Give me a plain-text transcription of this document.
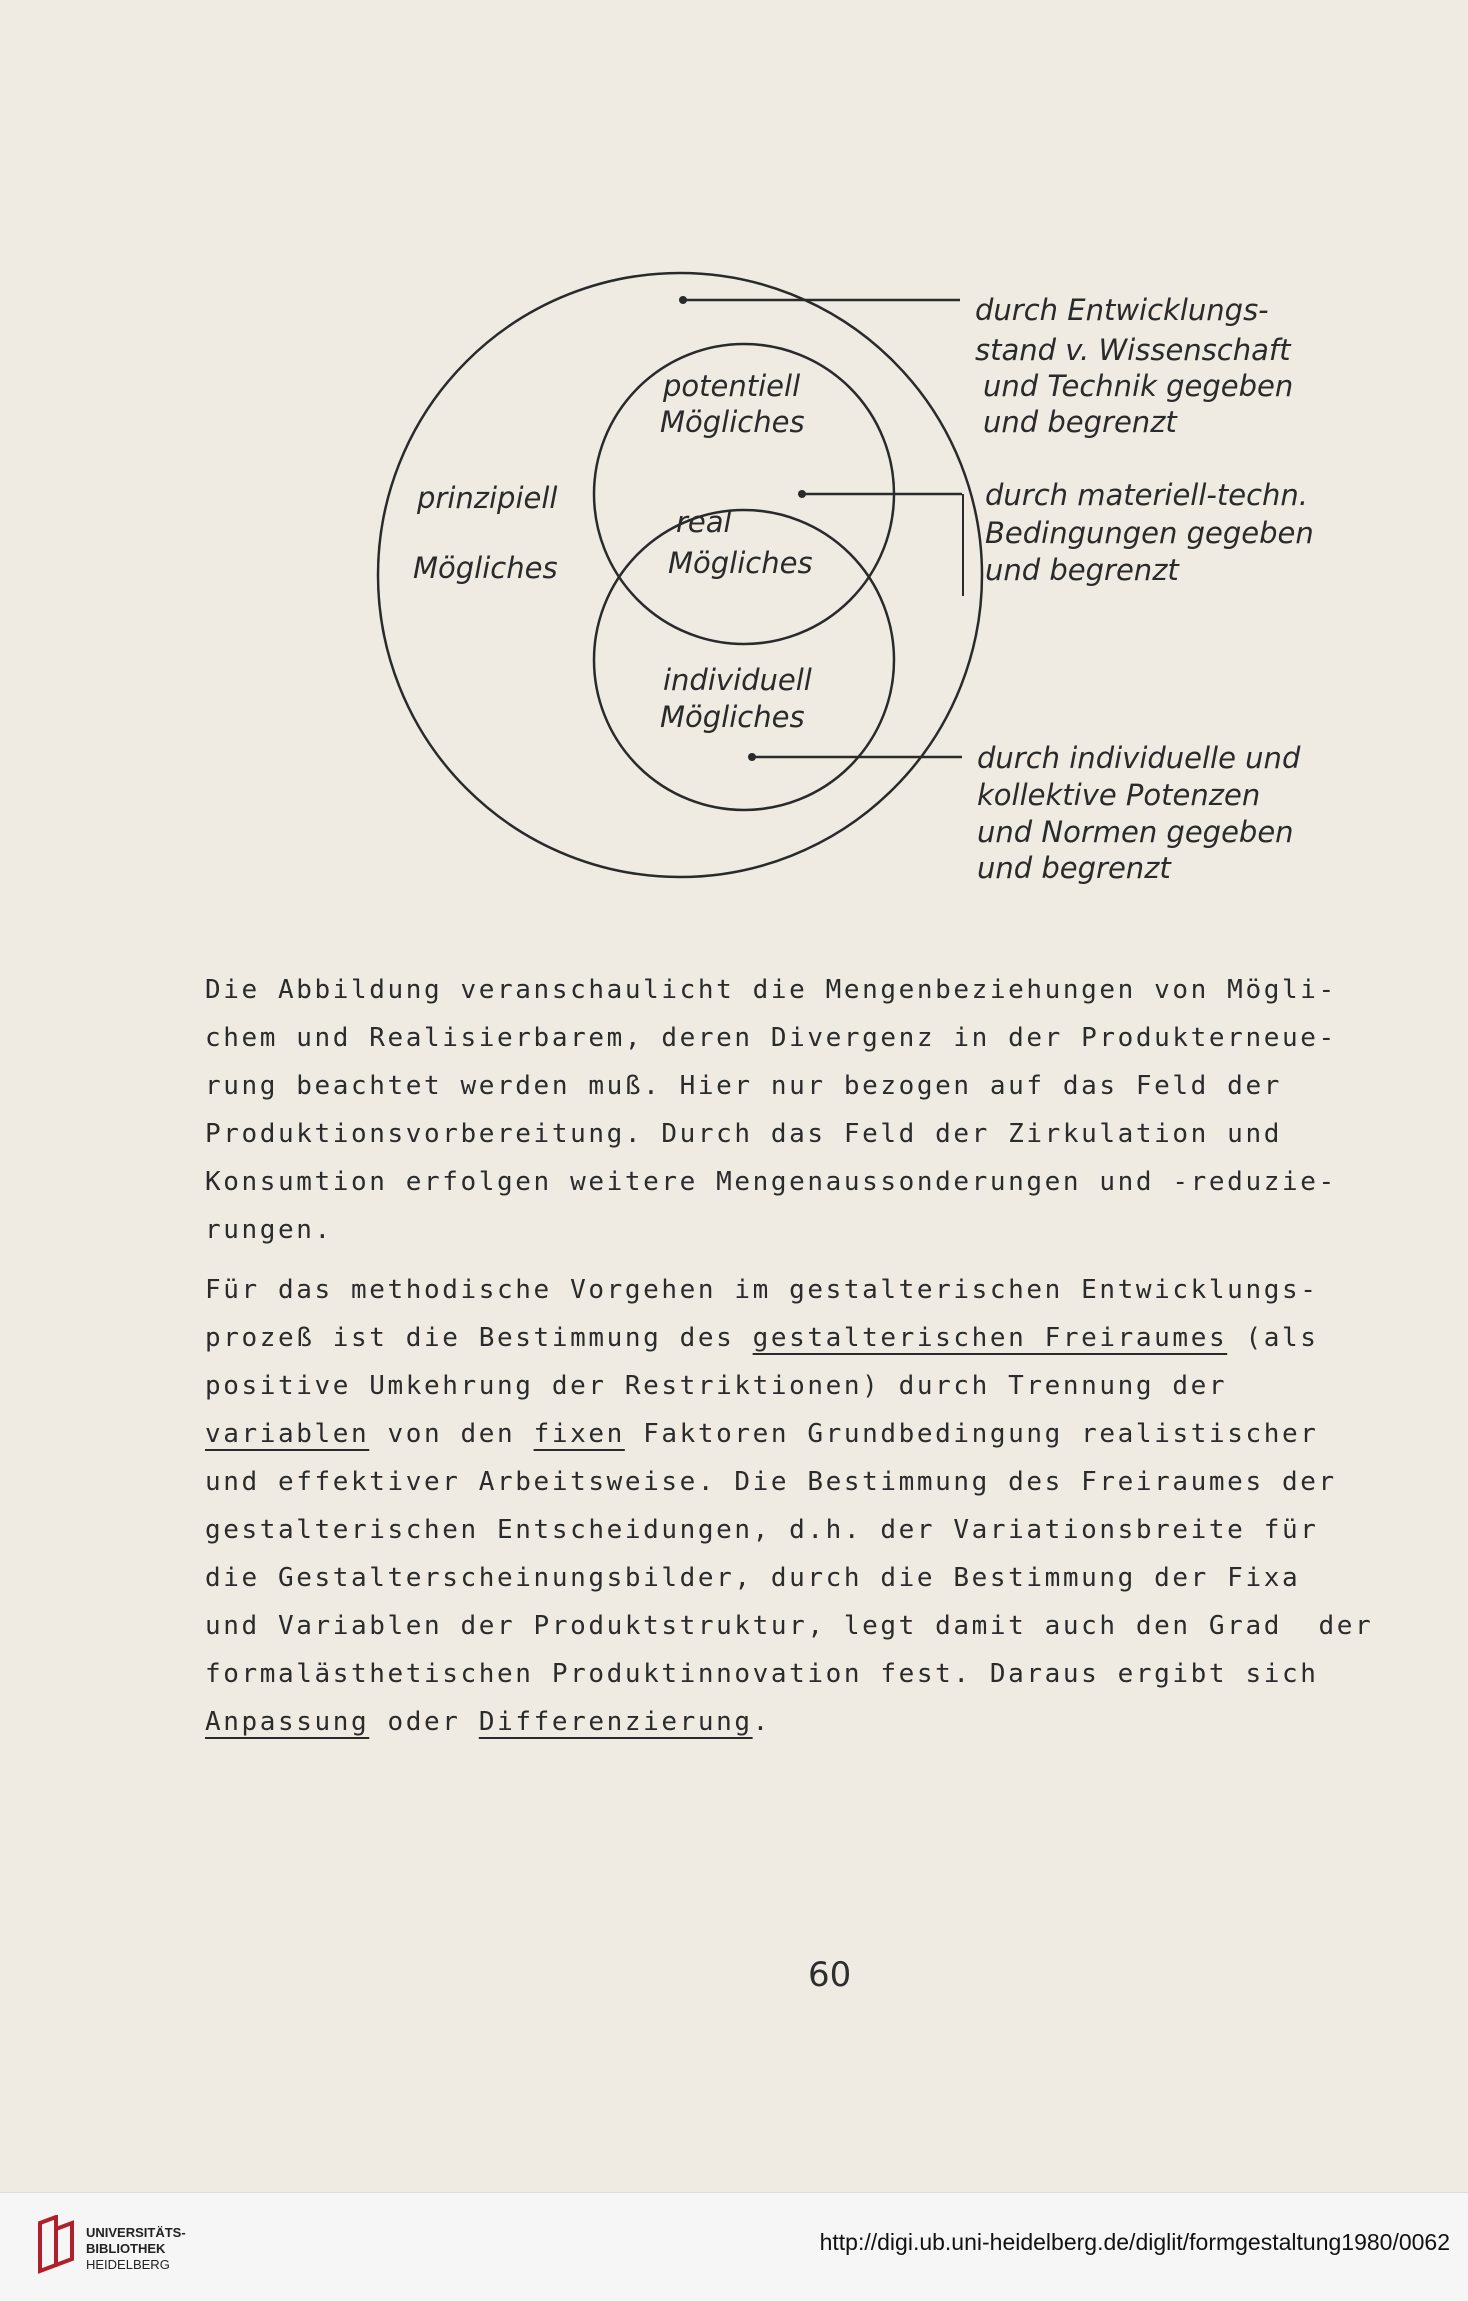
prinzipiell
Mögliches
potentiell
Mögliches
real
Mögliches
individuell
Mögliches
durch Entwicklungs-
stand v. Wissenschaft
und Technik gegeben
und begrenzt
durch materiell-techn.
Bedingungen gegeben
und begrenzt
durch individuelle und
kollektive Potenzen
und Normen gegeben
und begrenzt
Die Abbildung veranschaulicht die Mengenbeziehungen von Mögli-
chem und Realisierbarem, deren Divergenz in der Produkterneue-
rung beachtet werden muß. Hier nur bezogen auf das Feld der
Produktionsvorbereitung. Durch das Feld der Zirkulation und
Konsumtion erfolgen weitere Mengenaussonderungen und -reduzie-
rungen.
Für das methodische Vorgehen im gestalterischen Entwicklungs-
prozeß ist die Bestimmung des gestalterischen Freiraumes (als
positive Umkehrung der Restriktionen) durch Trennung der
variablen von den fixen Faktoren Grundbedingung realistischer
und effektiver Arbeitsweise. Die Bestimmung des Freiraumes der
gestalterischen Entscheidungen, d.h. der Variationsbreite für
die Gestalterscheinungsbilder, durch die Bestimmung der Fixa
und Variablen der Produktstruktur, legt damit auch den Grad  der
formalästhetischen Produktinnovation fest. Daraus ergibt sich
Anpassung oder Differenzierung.
60
UNIVERSITÄTS-
BIBLIOTHEK
HEIDELBERG
http://digi.ub.uni-heidelberg.de/diglit/formgestaltung1980/0062
